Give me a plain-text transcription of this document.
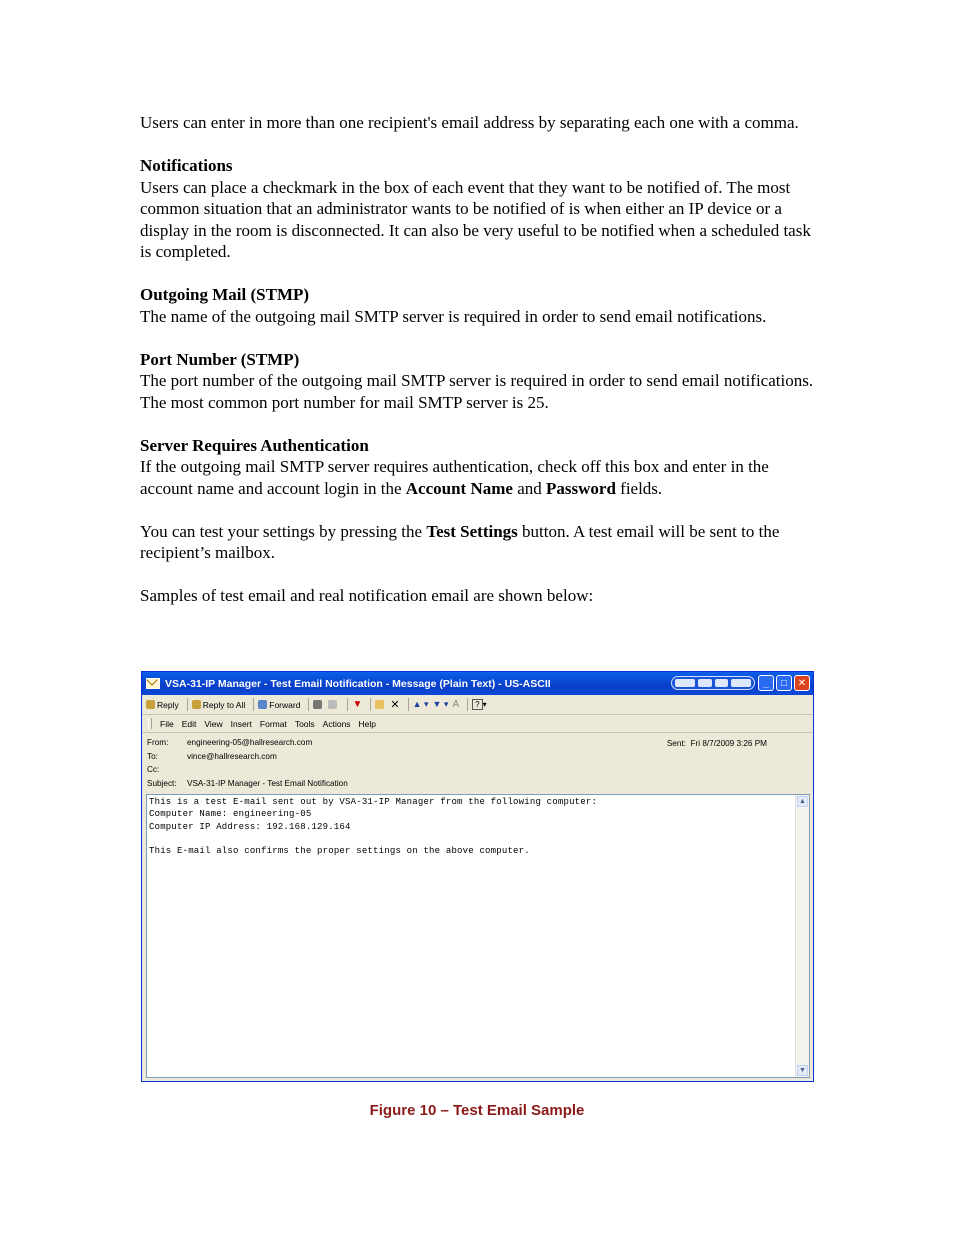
Users can enter in more than one recipient's email address by separating each one with a comma.

Notifications
Users can place a checkmark in the box of each event that they want to be notified of. The most common situation that an administrator wants to be notified of is when either an IP device or a display in the room is disconnected. It can also be very useful to be notified when a scheduled task is completed.

Outgoing Mail (STMP)
The name of the outgoing mail SMTP server is required in order to send email notifications.

Port Number (STMP)
The port number of the outgoing mail SMTP server is required in order to send email notifications. The most common port number for mail SMTP server is 25.

Server Requires Authentication
If the outgoing mail SMTP server requires authentication, check off this box and enter in the account name and account login in the Account Name and Password fields.

You can test your settings by pressing the Test Settings button. A test email will be sent to the recipient’s mailbox.

Samples of test email and real notification email are shown below:

VSA-31-IP Manager - Test Email Notification - Message (Plain Text) - US-ASCII	_	□	✕
Reply	Reply to All	Forward	▼	✕ ▲ ▾ ▼ ▾ A	? ▾
File Edit View Insert Format Tools Actions Help
From:	engineering-05@hallresearch.com
To:	vince@hallresearch.com
Cc:
Subject:	VSA-31-IP Manager - Test Email Notification
Sent: Fri 8/7/2009 3:26 PM
This is a test E-mail sent out by VSA-31-IP Manager from the following computer:
Computer Name: engineering-05
Computer IP Address: 192.168.129.164
This E-mail also confirms the proper settings on the above computer.
▲
▼
Figure 10 – Test Email Sample
